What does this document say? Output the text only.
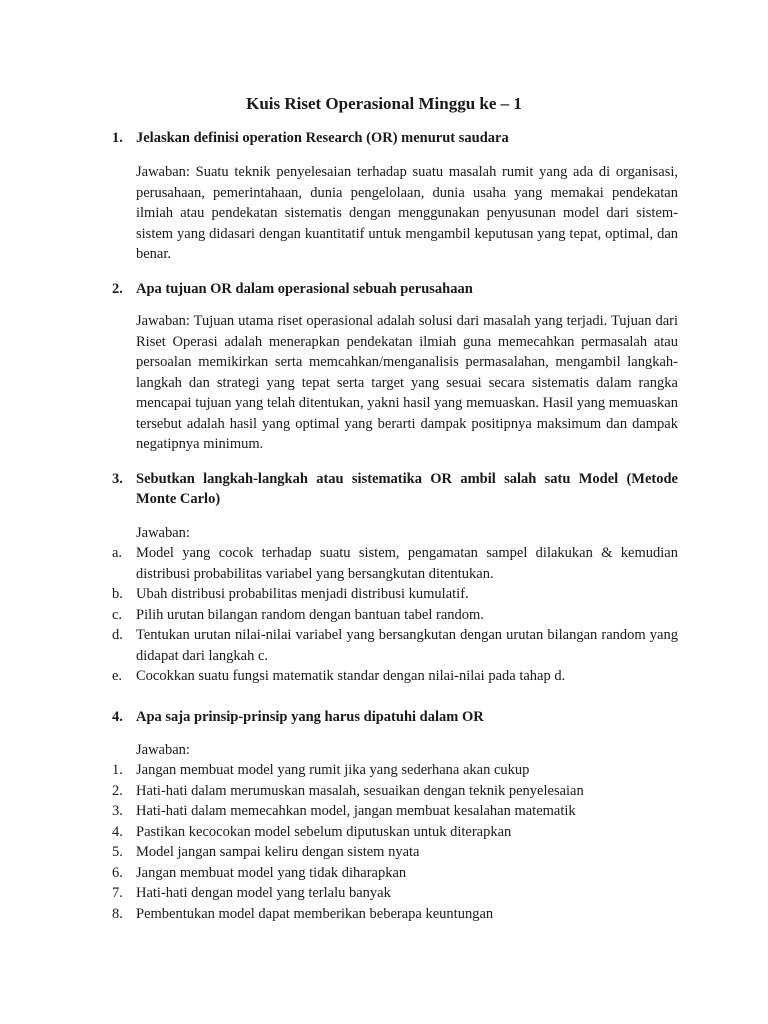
Kuis Riset Operasional Minggu ke – 1
1. Jelaskan definisi operation Research (OR) menurut saudara
Jawaban: Suatu teknik penyelesaian terhadap suatu masalah rumit yang ada di organisasi, perusahaan, pemerintahaan, dunia pengelolaan, dunia usaha yang memakai pendekatan ilmiah atau pendekatan sistematis dengan menggunakan penyusunan model dari sistem-sistem yang didasari dengan kuantitatif untuk mengambil keputusan yang tepat, optimal, dan benar.
2. Apa tujuan OR dalam operasional sebuah perusahaan
Jawaban: Tujuan utama riset operasional adalah solusi dari masalah yang terjadi. Tujuan dari Riset Operasi adalah menerapkan pendekatan ilmiah guna memecahkan permasalah atau persoalan memikirkan serta memcahkan/menganalisis permasalahan, mengambil langkah-langkah dan strategi yang tepat serta target yang sesuai secara sistematis dalam rangka mencapai tujuan yang telah ditentukan, yakni hasil yang memuaskan. Hasil yang memuaskan tersebut adalah hasil yang optimal yang berarti dampak positipnya maksimum dan dampak negatipnya minimum.
3. Sebutkan langkah-langkah atau sistematika OR ambil salah satu Model (Metode Monte Carlo)
Jawaban:
a. Model yang cocok terhadap suatu sistem, pengamatan sampel dilakukan & kemudian distribusi probabilitas variabel yang bersangkutan ditentukan.
b. Ubah distribusi probabilitas menjadi distribusi kumulatif.
c. Pilih urutan bilangan random dengan bantuan tabel random.
d. Tentukan urutan nilai-nilai variabel yang bersangkutan dengan urutan bilangan random yang didapat dari langkah c.
e. Cocokkan suatu fungsi matematik standar dengan nilai-nilai pada tahap d.
4. Apa saja prinsip-prinsip yang harus dipatuhi dalam OR
Jawaban:
1. Jangan membuat model yang rumit jika yang sederhana akan cukup
2. Hati-hati dalam merumuskan masalah, sesuaikan dengan teknik penyelesaian
3. Hati-hati dalam memecahkan model, jangan membuat kesalahan matematik
4. Pastikan kecocokan model sebelum diputuskan untuk diterapkan
5. Model jangan sampai keliru dengan sistem nyata
6. Jangan membuat model yang tidak diharapkan
7. Hati-hati dengan model yang terlalu banyak
8. Pembentukan model dapat memberikan beberapa keuntungan
